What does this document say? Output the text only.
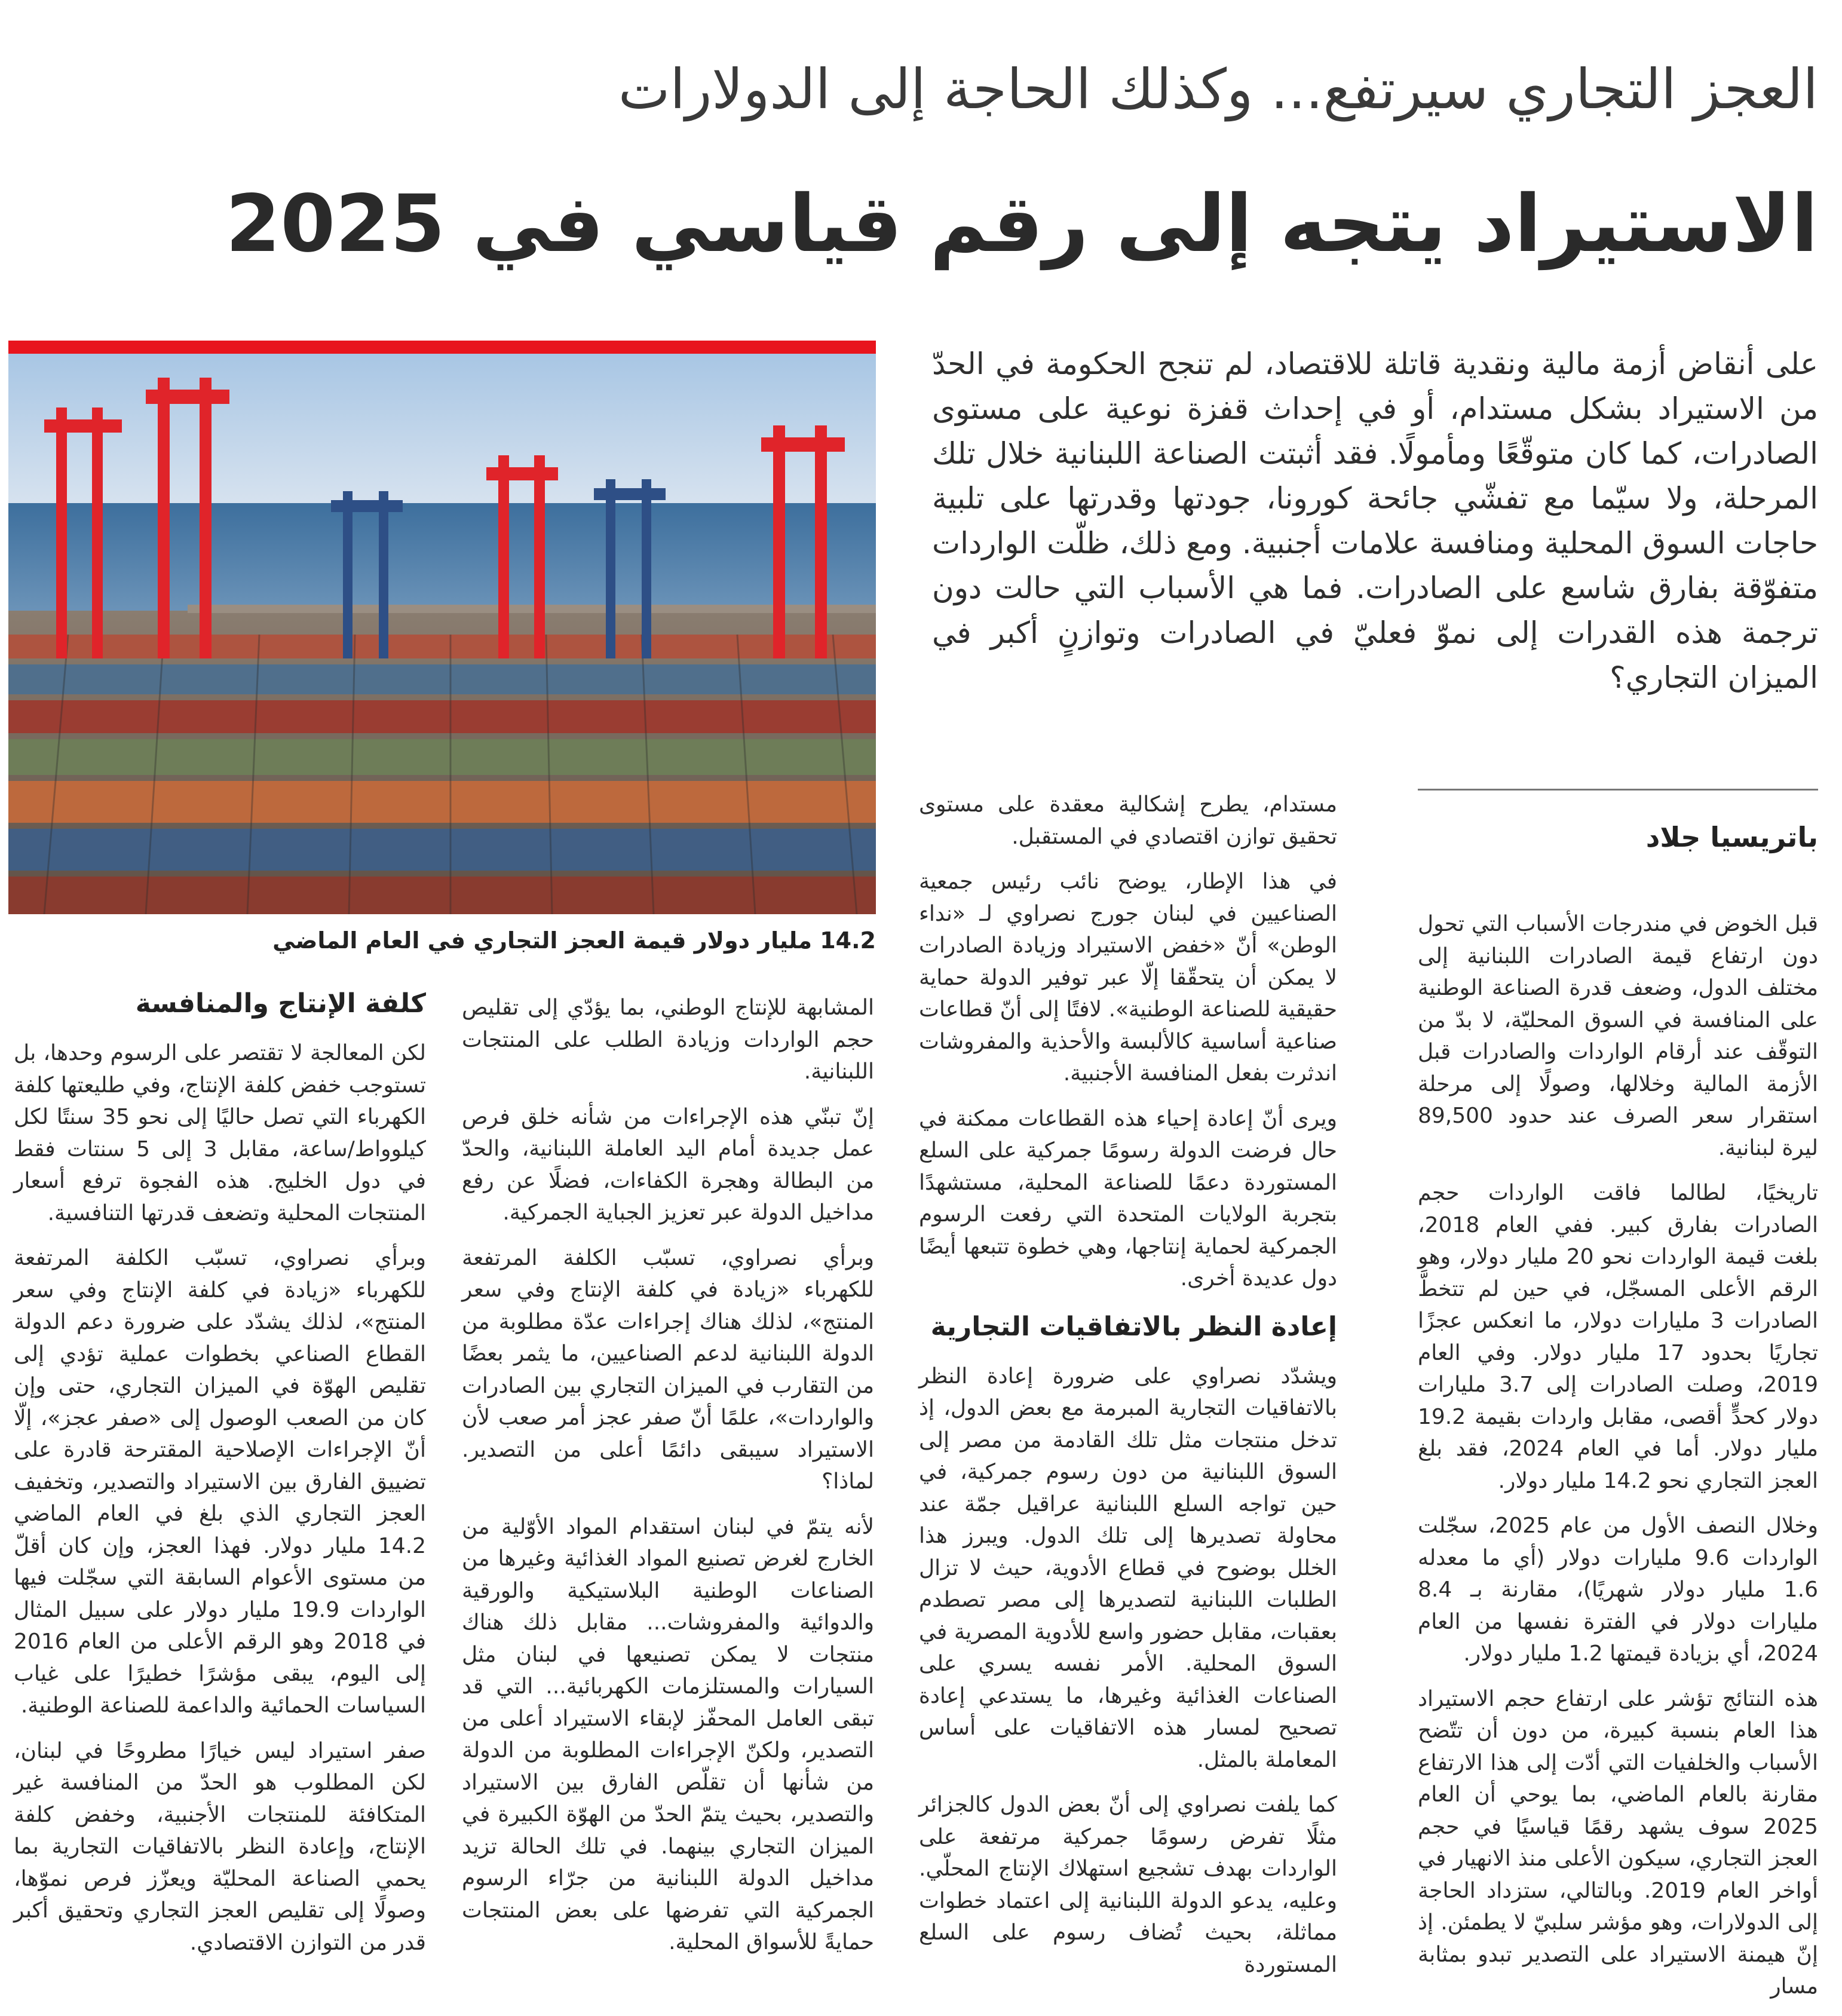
العجز التجاري سيرتفع... وكذلك الحاجة إلى الدولارات
الاستيراد يتجه إلى رقم قياسي في 2025
على أنقاض أزمة مالية ونقدية قاتلة للاقتصاد، لم تنجح الحكومة في الحدّ من الاستيراد بشكل مستدام، أو في إحداث قفزة نوعية على مستوى الصادرات، كما كان متوقّعًا ومأمولًا. فقد أثبتت الصناعة اللبنانية خلال تلك المرحلة، ولا سيّما مع تفشّي جائحة كورونا، جودتها وقدرتها على تلبية حاجات السوق المحلية ومنافسة علامات أجنبية. ومع ذلك، ظلّت الواردات متفوّقة بفارق شاسع على الصادرات. فما هي الأسباب التي حالت دون ترجمة هذه القدرات إلى نموّ فعليّ في الصادرات وتوازنٍ أكبر في الميزان التجاري؟
14.2 مليار دولار قيمة العجز التجاري في العام الماضي
باتريسيا جلاد

قبل الخوض في مندرجات الأسباب التي تحول دون ارتفاع قيمة الصادرات اللبنانية إلى مختلف الدول، وضعف قدرة الصناعة الوطنية على المنافسة في السوق المحليّة، لا بدّ من التوقّف عند أرقام الواردات والصادرات قبل الأزمة المالية وخلالها، وصولًا إلى مرحلة استقرار سعر الصرف عند حدود 89,500 ليرة لبنانية.

تاريخيًا، لطالما فاقت الواردات حجم الصادرات بفارق كبير. ففي العام 2018، بلغت قيمة الواردات نحو 20 مليار دولار، وهو الرقم الأعلى المسجّل، في حين لم تتخطَّ الصادرات 3 مليارات دولار، ما انعكس عجزًا تجاريًا بحدود 17 مليار دولار. وفي العام 2019، وصلت الصادرات إلى 3.7 مليارات دولار كحدٍّ أقصى، مقابل واردات بقيمة 19.2 مليار دولار. أما في العام 2024، فقد بلغ العجز التجاري نحو 14.2 مليار دولار.

وخلال النصف الأول من عام 2025، سجّلت الواردات 9.6 مليارات دولار (أي ما معدله 1.6 مليار دولار شهريًا)، مقارنة بـ 8.4 مليارات دولار في الفترة نفسها من العام 2024، أي بزيادة قيمتها 1.2 مليار دولار.

هذه النتائج تؤشر على ارتفاع حجم الاستيراد هذا العام بنسبة كبيرة، من دون أن تتّضح الأسباب والخلفيات التي أدّت إلى هذا الارتفاع مقارنة بالعام الماضي، بما يوحي أن العام 2025 سوف يشهد رقمًا قياسيًا في حجم العجز التجاري، سيكون الأعلى منذ الانهيار في أواخر العام 2019. وبالتالي، ستزداد الحاجة إلى الدولارات، وهو مؤشر سلبيّ لا يطمئن. إذ إنّ هيمنة الاستيراد على التصدير تبدو بمثابة مسار

مستدام، يطرح إشكالية معقدة على مستوى تحقيق توازن اقتصادي في المستقبل.

في هذا الإطار، يوضح نائب رئيس جمعية الصناعيين في لبنان جورج نصراوي لـ «نداء الوطن» أنّ «خفض الاستيراد وزيادة الصادرات لا يمكن أن يتحقّقا إلّا عبر توفير الدولة حماية حقيقية للصناعة الوطنية». لافتًا إلى أنّ قطاعات صناعية أساسية كالألبسة والأحذية والمفروشات اندثرت بفعل المنافسة الأجنبية.

ويرى أنّ إعادة إحياء هذه القطاعات ممكنة في حال فرضت الدولة رسومًا جمركية على السلع المستوردة دعمًا للصناعة المحلية، مستشهدًا بتجربة الولايات المتحدة التي رفعت الرسوم الجمركية لحماية إنتاجها، وهي خطوة تتبعها أيضًا دول عديدة أخرى.

إعادة النظر بالاتفاقيات التجارية

ويشدّد نصراوي على ضرورة إعادة النظر بالاتفاقيات التجارية المبرمة مع بعض الدول، إذ تدخل منتجات مثل تلك القادمة من مصر إلى السوق اللبنانية من دون رسوم جمركية، في حين تواجه السلع اللبنانية عراقيل جمّة عند محاولة تصديرها إلى تلك الدول. ويبرز هذا الخلل بوضوح في قطاع الأدوية، حيث لا تزال الطلبات اللبنانية لتصديرها إلى مصر تصطدم بعقبات، مقابل حضور واسع للأدوية المصرية في السوق المحلية. الأمر نفسه يسري على الصناعات الغذائية وغيرها، ما يستدعي إعادة تصحيح لمسار هذه الاتفاقيات على أساس المعاملة بالمثل.

كما يلفت نصراوي إلى أنّ بعض الدول كالجزائر مثلًا تفرض رسومًا جمركية مرتفعة على الواردات بهدف تشجيع استهلاك الإنتاج المحلّي. وعليه، يدعو الدولة اللبنانية إلى اعتماد خطوات مماثلة، بحيث تُضاف رسوم على السلع المستوردة

المشابهة للإنتاج الوطني، بما يؤدّي إلى تقليص حجم الواردات وزيادة الطلب على المنتجات اللبنانية.

إنّ تبنّي هذه الإجراءات من شأنه خلق فرص عمل جديدة أمام اليد العاملة اللبنانية، والحدّ من البطالة وهجرة الكفاءات، فضلًا عن رفع مداخيل الدولة عبر تعزيز الجباية الجمركية.

وبرأي نصراوي، تسبّب الكلفة المرتفعة للكهرباء «زيادة في كلفة الإنتاج وفي سعر المنتج»، لذلك هناك إجراءات عدّة مطلوبة من الدولة اللبنانية لدعم الصناعيين، ما يثمر بعضًا من التقارب في الميزان التجاري بين الصادرات والواردات»، علمًا أنّ صفر عجز أمر صعب لأن الاستيراد سيبقى دائمًا أعلى من التصدير. لماذا؟

لأنه يتمّ في لبنان استقدام المواد الأوّلية من الخارج لغرض تصنيع المواد الغذائية وغيرها من الصناعات الوطنية البلاستيكية والورقية والدوائية والمفروشات... مقابل ذلك هناك منتجات لا يمكن تصنيعها في لبنان مثل السيارات والمستلزمات الكهربائية... التي قد تبقى العامل المحفّز لإبقاء الاستيراد أعلى من التصدير، ولكنّ الإجراءات المطلوبة من الدولة من شأنها أن تقلّص الفارق بين الاستيراد والتصدير، بحيث يتمّ الحدّ من الهوّة الكبيرة في الميزان التجاري بينهما. في تلك الحالة تزيد مداخيل الدولة اللبنانية من جرّاء الرسوم الجمركية التي تفرضها على بعض المنتجات حمايةً للأسواق المحلية.

كلفة الإنتاج والمنافسة

لكن المعالجة لا تقتصر على الرسوم وحدها، بل تستوجب خفض كلفة الإنتاج، وفي طليعتها كلفة الكهرباء التي تصل حاليًا إلى نحو 35 سنتًا لكل كيلوواط/ساعة، مقابل 3 إلى 5 سنتات فقط في دول الخليج. هذه الفجوة ترفع أسعار المنتجات المحلية وتضعف قدرتها التنافسية.

وبرأي نصراوي، تسبّب الكلفة المرتفعة للكهرباء «زيادة في كلفة الإنتاج وفي سعر المنتج»، لذلك يشدّد على ضرورة دعم الدولة القطاع الصناعي بخطوات عملية تؤدي إلى تقليص الهوّة في الميزان التجاري، حتى وإن كان من الصعب الوصول إلى «صفر عجز»، إلّا أنّ الإجراءات الإصلاحية المقترحة قادرة على تضييق الفارق بين الاستيراد والتصدير، وتخفيف العجز التجاري الذي بلغ في العام الماضي 14.2 مليار دولار. فهذا العجز، وإن كان أقلّ من مستوى الأعوام السابقة التي سجّلت فيها الواردات 19.9 مليار دولار على سبيل المثال في 2018 وهو الرقم الأعلى من العام 2016 إلى اليوم، يبقى مؤشرًا خطيرًا على غياب السياسات الحمائية والداعمة للصناعة الوطنية.

صفر استيراد ليس خيارًا مطروحًا في لبنان، لكن المطلوب هو الحدّ من المنافسة غير المتكافئة للمنتجات الأجنبية، وخفض كلفة الإنتاج، وإعادة النظر بالاتفاقيات التجارية بما يحمي الصناعة المحليّة ويعزّز فرص نموّها، وصولًا إلى تقليص العجز التجاري وتحقيق أكبر قدر من التوازن الاقتصادي.
